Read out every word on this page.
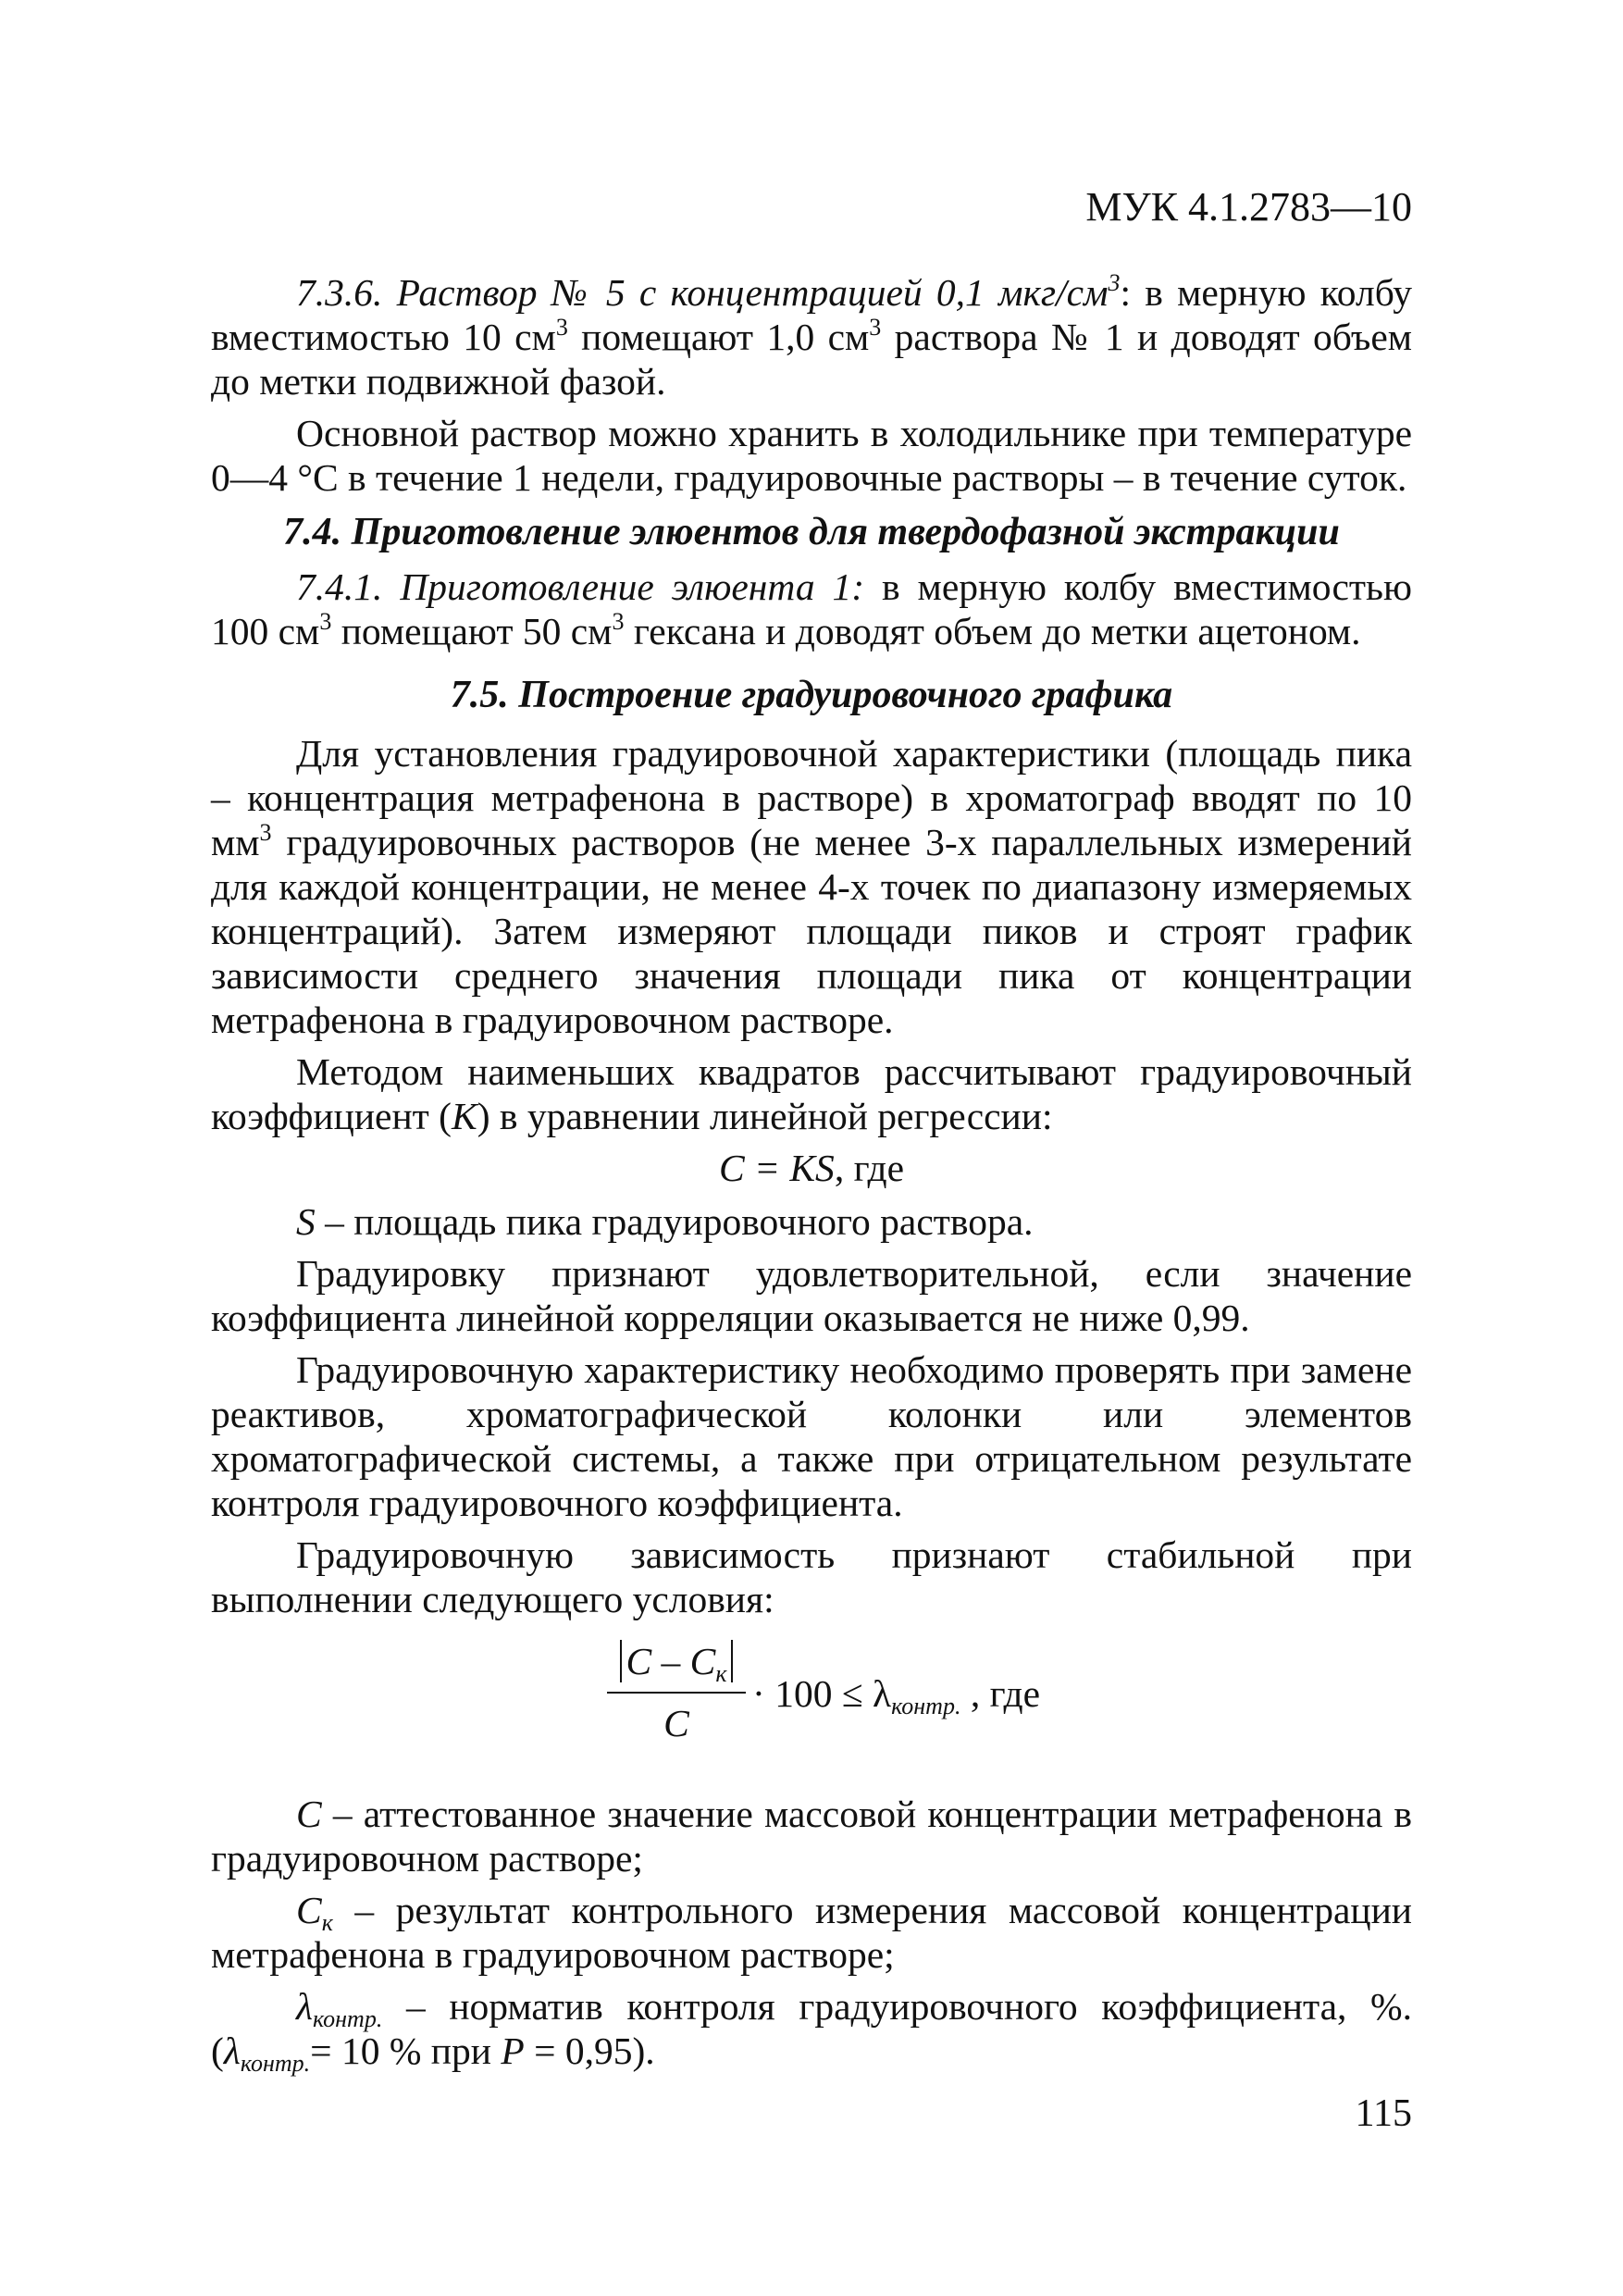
МУК 4.1.2783—10

7.3.6. Раствор № 5 с концентрацией 0,1 мкг/$см^3$: в мерную колбу вместимостью 10 $см^3$ помещают 1,0 $см^3$ раствора № 1 и доводят объем до метки подвижной фазой.

Основной раствор можно хранить в холодильнике при температуре 0—4 °С в течение 1 недели, градуировочные растворы – в течение суток.

7.4. Приготовление элюентов для твердофазной экстракции

7.4.1. Приготовление элюента 1: в мерную колбу вместимостью 100 $см^3$ помещают 50 $см^3$ гексана и доводят объем до метки ацетоном.

7.5. Построение градуировочного графика

Для установления градуировочной характеристики (площадь пика – концентрация метрафенона в растворе) в хроматограф вводят по 10 $мм^3$ градуировочных растворов (не менее 3-х параллельных измерений для каждой концентрации, не менее 4-х точек по диапазону измеряемых концентраций). Затем измеряют площади пиков и строят график зависимости среднего значения площади пика от концентрации метрафенона в градуировочном растворе.

Методом наименьших квадратов рассчитывают градуировочный коэффициент (K) в уравнении линейной регрессии:

C = KS, где

S – площадь пика градуировочного раствора.

Градуировку признают удовлетворительной, если значение коэффициента линейной корреляции оказывается не ниже 0,99.

Градуировочную характеристику необходимо проверять при замене реактивов, хроматографической колонки или элементов хроматографической системы, а также при отрицательном результате контроля градуировочного коэффициента.

Градуировочную зависимость признают стабильной при выполнении следующего условия:

C – $C_к$
C
· $100 \le \lambda_{контр.}$ , где

C – аттестованное значение массовой концентрации метрафенона в градуировочном растворе;

$C_к$ – результат контрольного измерения массовой концентрации метрафенона в градуировочном растворе;

$\lambda_{контр.}$ – норматив контроля градуировочного коэффициента, %. ($\lambda_{контр.}= 10$ % при P = 0,95).

115
